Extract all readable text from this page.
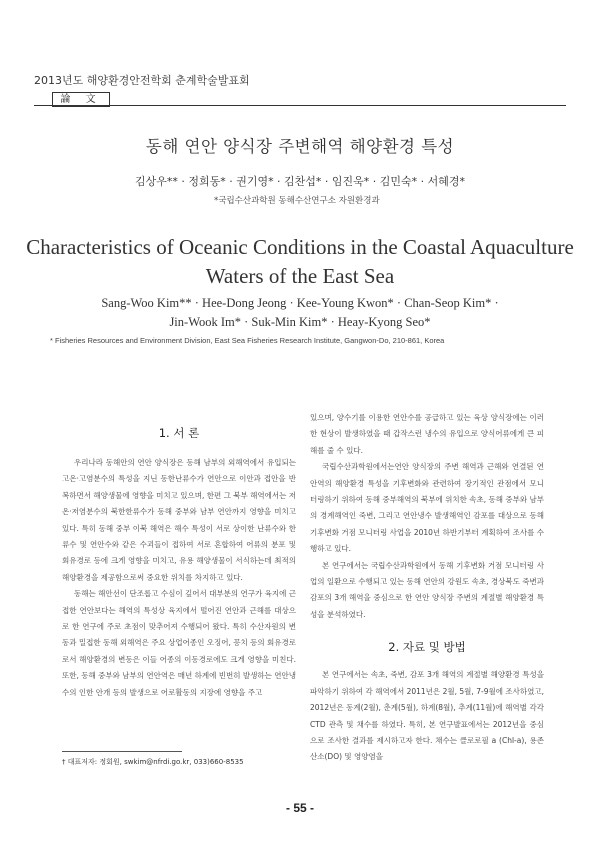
2013년도 해양환경안전학회 춘계학술발표회
論 文
동해 연안 양식장 주변해역 해양환경 특성
김상우** · 정희동* · 권기영* · 김찬섭* · 임진욱* · 김민숙* · 서혜경*
*국립수산과학원 동해수산연구소 자원환경과
Characteristics of Oceanic Conditions in the Coastal Aquaculture
Waters of the East Sea
Sang-Woo Kim** · Hee-Dong Jeong · Kee-Young Kwon* · Chan-Seop Kim* ·
Jin-Wook Im* · Suk-Min Kim* · Heay-Kyong Seo*
* Fisheries Resources and Environment Division, East Sea Fisheries Research Institute, Gangwon-Do, 210-861, Korea
1. 서 론

우리나라 동해안의 연안 양식장은 동해 남부의 외해역에서 유입되는 고온·고염분수의 특성을 지닌 동한난류수가 연안으로 이안과 접안을 반복하면서 해양생물에 영향을 미치고 있으며, 한편 그 북부 해역에서는 저온·저염분수의 북한한류수가 동해 중부와 남부 연안까지 영향을 미치고 있다. 특히 동해 중부 이북 해역은 해수 특성이 서로 상이한 난류수와 한류수 및 연안수와 같은 수괴들이 접하여 서로 혼합하여 어류의 분포 및 회유경로 등에 크게 영향을 미치고, 유용 해양생물이 서식하는데 최적의 해양환경을 제공함으로써 중요한 위치를 차지하고 있다.

동해는 해안선이 단조롭고 수심이 깊어서 대부분의 연구가 육지에 근접한 연안보다는 해역의 특성상 육지에서 떨어진 연안과 근해를 대상으로 한 연구에 주로 초점이 맞추어져 수행되어 왔다. 특히 수산자원의 변동과 밀접한 동해 외해역은 주요 상업어종인 오징어, 꽁치 등의 회유경로로서 해양환경의 변동은 이들 어종의 이동경로에도 크게 영향을 미친다. 또한, 동해 중부와 남부의 연안역은 매년 하계에 빈번히 발생하는 연안냉수의 인한 안개 등의 발생으로 어로활동의 지장에 영향을 주고

† 대표저자: 정회원, swkim@nfrdi.go.kr, 033)660-8535

있으며, 양수기를 이용한 연안수를 공급하고 있는 육상 양식장에는 이러한 현상이 발생하였을 때 갑작스런 냉수의 유입으로 양식어류에게 큰 피해를 줄 수 있다.

국립수산과학원에서는연안 양식장의 주변 해역과 근해와 연결된 연안역의 해양환경 특성을 기후변화와 관련하여 장기적인 관점에서 모니터링하기 위하여 동해 중부해역의 북부에 위치한 속초, 동해 중부와 남부의 경계해역인 죽변, 그리고 연안냉수 발생해역인 감포를 대상으로 동해 기후변화 거점 모니터링 사업을 2010년 하반기부터 계획하여 조사를 수행하고 있다.

본 연구에서는 국립수산과학원에서 동해 기후변화 거점 모니터링 사업의 일환으로 수행되고 있는 동해 연안의 강원도 속초, 경상북도 죽변과 감포의 3개 해역을 중심으로 한 연안 양식장 주변의 계절별 해양환경 특성을 분석하였다.

2. 자료 및 방법

본 연구에서는 속초, 죽변, 감포 3개 해역의 계절별 해양환경 특성을 파악하기 위하여 각 해역에서 2011년은 2월, 5월, 7-9월에 조사하였고, 2012년은 동계(2월), 춘계(5월), 하계(8월), 추계(11월)에 해역별 각각 CTD 관측 및 채수를 하였다. 특히, 본 연구발표에서는 2012년을 중심으로 조사한 결과를 제시하고자 한다. 채수는 클로로필 a (Chl-a), 용존산소(DO) 및 영양염을

- 55 -
